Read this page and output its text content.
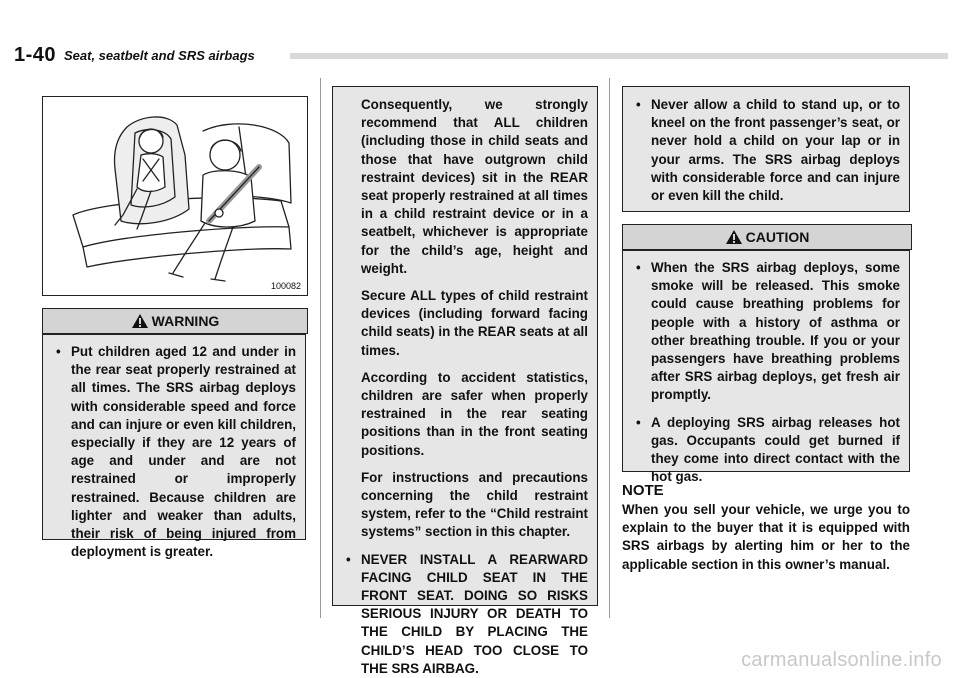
1-40 Seat, seatbelt and SRS airbags
100082
WARNING
• Put children aged 12 and under in the rear seat properly restrained at all times. The SRS airbag deploys with considerable speed and force and can injure or even kill children, especially if they are 12 years of age and under and are not restrained or improperly restrained. Because children are lighter and weaker than adults, their risk of being injured from deployment is greater.
Consequently, we strongly recommend that ALL children (including those in child seats and those that have outgrown child restraint devices) sit in the REAR seat properly restrained at all times in a child restraint device or in a seatbelt, whichever is appropriate for the child’s age, height and weight.
Secure ALL types of child restraint devices (including forward facing child seats) in the REAR seats at all times.
According to accident statistics, children are safer when properly restrained in the rear seating positions than in the front seating positions.
For instructions and precautions concerning the child restraint system, refer to the “Child restraint systems” section in this chapter.
• NEVER INSTALL A REARWARD FACING CHILD SEAT IN THE FRONT SEAT. DOING SO RISKS SERIOUS INJURY OR DEATH TO THE CHILD BY PLACING THE CHILD’S HEAD TOO CLOSE TO THE SRS AIRBAG.
• Never allow a child to stand up, or to kneel on the front passenger’s seat, or never hold a child on your lap or in your arms. The SRS airbag deploys with considerable force and can injure or even kill the child.
CAUTION
• When the SRS airbag deploys, some smoke will be released. This smoke could cause breathing problems for people with a history of asthma or other breathing trouble. If you or your passengers have breathing problems after SRS airbag deploys, get fresh air promptly.
• A deploying SRS airbag releases hot gas. Occupants could get burned if they come into direct contact with the hot gas.
NOTE
When you sell your vehicle, we urge you to explain to the buyer that it is equipped with SRS airbags by alerting him or her to the applicable section in this owner’s manual.
carmanualsonline.info
